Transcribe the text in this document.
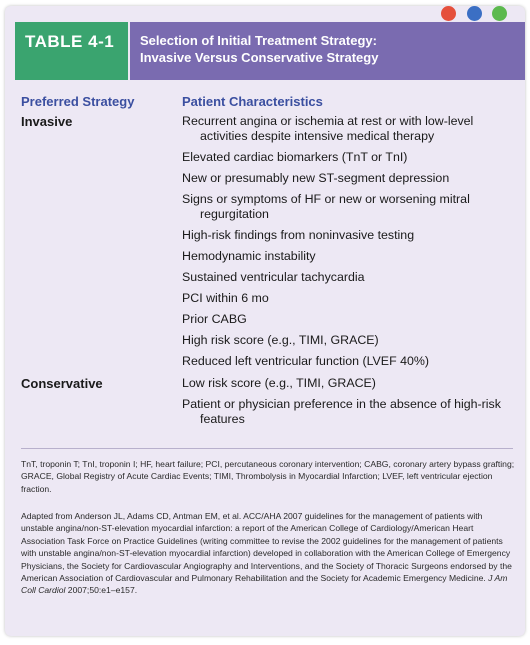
TABLE 4-1	Selection of Initial Treatment Strategy:
Invasive Versus Conservative Strategy
Preferred Strategy	Patient Characteristics
Invasive
Conservative
Recurrent angina or ischemia at rest or with low-level activities despite intensive medical therapy
Elevated cardiac biomarkers (TnT or TnI)
New or presumably new ST-segment depression
Signs or symptoms of HF or new or worsening mitral regurgitation
High-risk findings from noninvasive testing
Hemodynamic instability
Sustained ventricular tachycardia
PCI within 6 mo
Prior CABG
High risk score (e.g., TIMI, GRACE)
Reduced left ventricular function (LVEF 40%)
Low risk score (e.g., TIMI, GRACE)
Patient or physician preference in the absence of high-risk features
TnT, troponin T; TnI, troponin I; HF, heart failure; PCI, percutaneous coronary intervention; CABG, coronary artery bypass grafting; GRACE, Global Registry of Acute Cardiac Events; TIMI, Thrombolysis in Myocardial Infarction; LVEF, left ventricular ejection fraction.
Adapted from Anderson JL, Adams CD, Antman EM, et al. ACC/AHA 2007 guidelines for the management of patients with unstable angina/non-ST-elevation myocardial infarction: a report of the American College of Cardiology/American Heart Association Task Force on Practice Guidelines (writing committee to revise the 2002 guidelines for the management of patients with unstable angina/non-ST-elevation myocardial infarction) developed in collaboration with the American College of Emergency Physicians, the Society for Cardiovascular Angiography and Interventions, and the Society of Thoracic Surgeons endorsed by the American Association of Cardiovascular and Pulmonary Rehabilitation and the Society for Academic Emergency Medicine. J Am Coll Cardiol 2007;50:e1–e157.
